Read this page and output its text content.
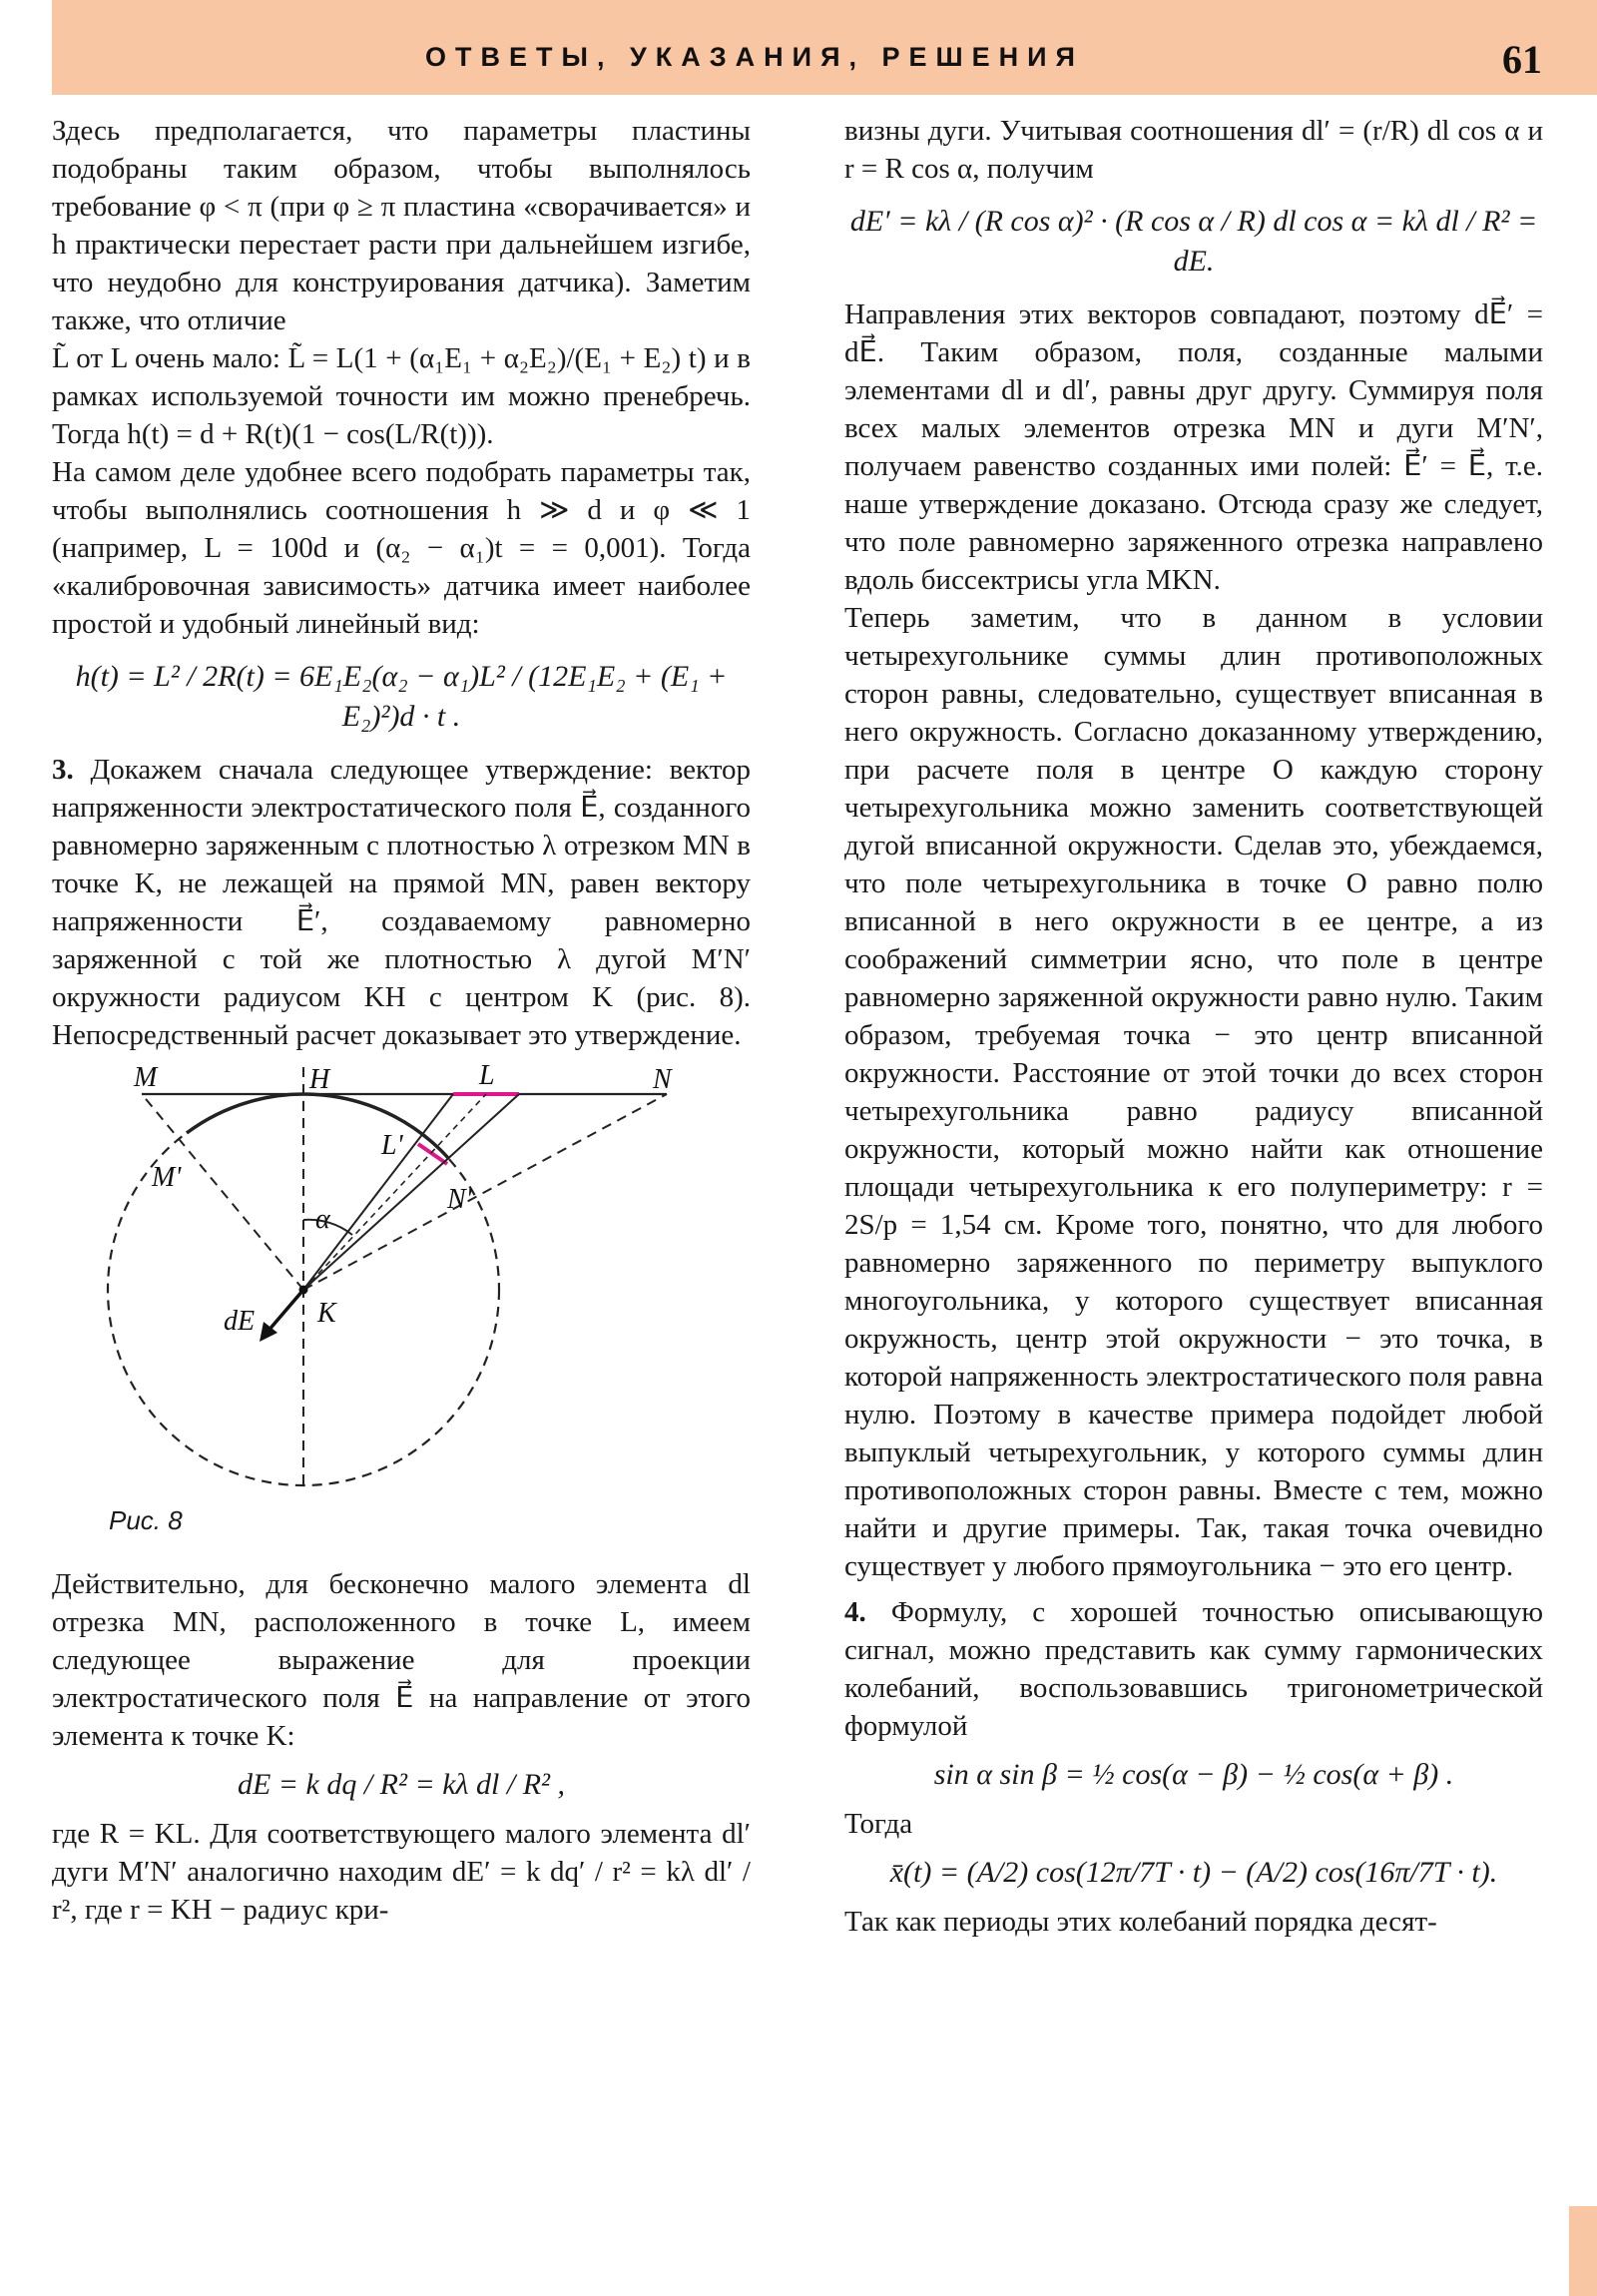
ОТВЕТЫ, УКАЗАНИЯ, РЕШЕНИЯ	61

Здесь предполагается, что параметры пластины подобраны таким образом, чтобы выполнялось требование φ < π (при φ ≥ π пластина «сворачивается» и h практически перестает расти при дальнейшем изгибе, что неудобно для конструирования датчика). Заметим также, что отличие

L̃ от L очень мало: L̃ = L(1 + (α₁E₁ + α₂E₂)/(E₁ + E₂) t) и в рамках используемой точности им можно пренебречь. Тогда h(t) = d + R(t)(1 − cos(L/R(t))).

На самом деле удобнее всего подобрать параметры так, чтобы выполнялись соотношения h ≫ d и φ ≪ 1 (например, L = 100d и (α₂ − α₁)t = = 0,001). Тогда «калибровочная зависимость» датчика имеет наиболее простой и удобный линейный вид:

h(t) = L² / 2R(t) = 6E₁E₂(α₂ − α₁)L² / (12E₁E₂ + (E₁ + E₂)²)d · t .

3. Докажем сначала следующее утверждение: вектор напряженности электростатического поля E⃗, созданного равномерно заряженным с плотностью λ отрезком MN в точке K, не лежащей на прямой MN, равен вектору напряженности E⃗′, создаваемому равномерно заряженной с той же плотностью λ дугой M′N′ окружности радиусом KH с центром K (рис. 8). Непосредственный расчет доказывает это утверждение.

M	H	L	N
L'
M'
N'
α
K
dE
Рис. 8

Действительно, для бесконечно малого элемента dl отрезка MN, расположенного в точке L, имеем следующее выражение для проекции электростатического поля E⃗ на направление от этого элемента к точке K:

dE = k dq / R² = kλ dl / R² ,

где R = KL. Для соответствующего малого элемента dl′ дуги M′N′ аналогично находим dE′ = k dq′ / r² = kλ dl′ / r², где r = KH − радиус кри-

визны дуги. Учитывая соотношения dl′ = (r/R) dl cos α и r = R cos α, получим

dE′ = kλ / (R cos α)² · (R cos α / R) dl cos α = kλ dl / R² = dE.

Направления этих векторов совпадают, поэтому dE⃗′ = dE⃗. Таким образом, поля, созданные малыми элементами dl и dl′, равны друг другу. Суммируя поля всех малых элементов отрезка MN и дуги M′N′, получаем равенство созданных ими полей: E⃗′ = E⃗, т.е. наше утверждение доказано. Отсюда сразу же следует, что поле равномерно заряженного отрезка направлено вдоль биссектрисы угла MKN.

Теперь заметим, что в данном в условии четырехугольнике суммы длин противоположных сторон равны, следовательно, существует вписанная в него окружность. Согласно доказанному утверждению, при расчете поля в центре O каждую сторону четырехугольника можно заменить соответствующей дугой вписанной окружности. Сделав это, убеждаемся, что поле четырехугольника в точке O равно полю вписанной в него окружности в ее центре, а из соображений симметрии ясно, что поле в центре равномерно заряженной окружности равно нулю. Таким образом, требуемая точка − это центр вписанной окружности. Расстояние от этой точки до всех сторон четырехугольника равно радиусу вписанной окружности, который можно найти как отношение площади четырехугольника к его полупериметру: r = 2S/p = 1,54 см. Кроме того, понятно, что для любого равномерно заряженного по периметру выпуклого многоугольника, у которого существует вписанная окружность, центр этой окружности − это точка, в которой напряженность электростатического поля равна нулю. Поэтому в качестве примера подойдет любой выпуклый четырехугольник, у которого суммы длин противоположных сторон равны. Вместе с тем, можно найти и другие примеры. Так, такая точка очевидно существует у любого прямоугольника − это его центр.

4. Формулу, с хорошей точностью описывающую сигнал, можно представить как сумму гармонических колебаний, воспользовавшись тригонометрической формулой

sin α sin β = ½ cos(α − β) − ½ cos(α + β) .

Тогда

x̄(t) = (A/2) cos(12π/7T · t) − (A/2) cos(16π/7T · t).

Так как периоды этих колебаний порядка десят-
